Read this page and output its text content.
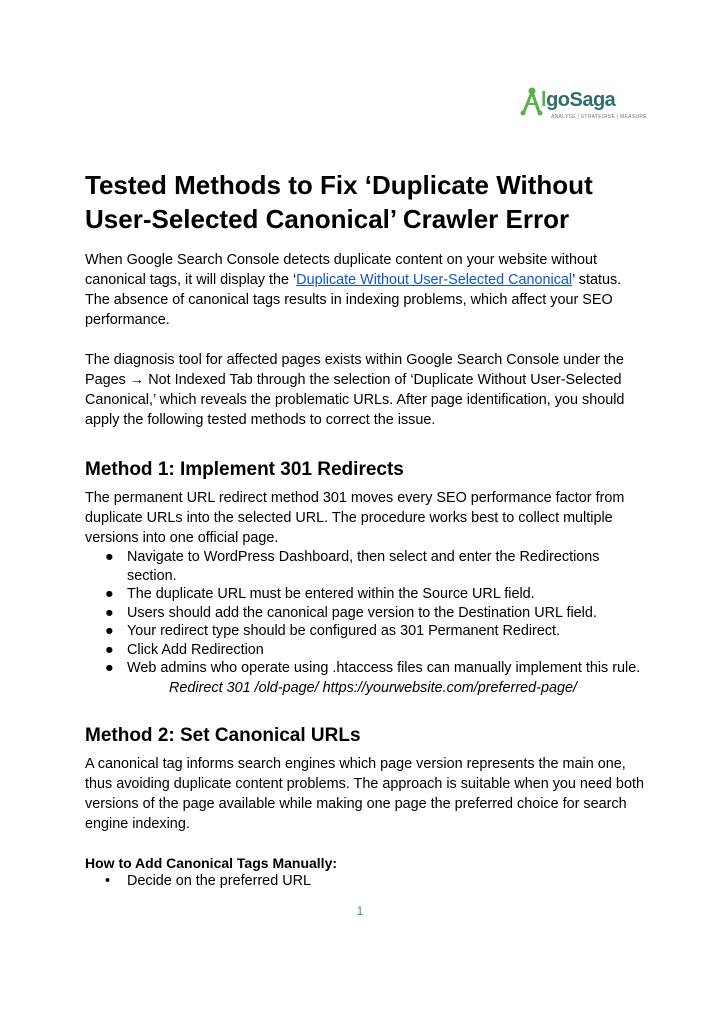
lgoSaga
ANALYSE | STRATEGISE | MEASURE
Tested Methods to Fix ‘Duplicate Without User-Selected Canonical’ Crawler Error

When Google Search Console detects duplicate content on your website without canonical tags, it will display the ‘Duplicate Without User-Selected Canonical’ status. The absence of canonical tags results in indexing problems, which affect your SEO performance.

The diagnosis tool for affected pages exists within Google Search Console under the Pages → Not Indexed Tab through the selection of ‘Duplicate Without User-Selected Canonical,’ which reveals the problematic URLs. After page identification, you should apply the following tested methods to correct the issue.

Method 1: Implement 301 Redirects

The permanent URL redirect method 301 moves every SEO performance factor from duplicate URLs into the selected URL. The procedure works best to collect multiple versions into one official page.

● Navigate to WordPress Dashboard, then select and enter the Redirections section.
● The duplicate URL must be entered within the Source URL field.
● Users should add the canonical page version to the Destination URL field.
● Your redirect type should be configured as 301 Permanent Redirect.
● Click Add Redirection
● Web admins who operate using .htaccess files can manually implement this rule.
Redirect 301 /old-page/ https://yourwebsite.com/preferred-page/
Method 2: Set Canonical URLs

A canonical tag informs search engines which page version represents the main one, thus avoiding duplicate content problems. The approach is suitable when you need both versions of the page available while making one page the preferred choice for search engine indexing.

How to Add Canonical Tags Manually:
• Decide on the preferred URL
1
